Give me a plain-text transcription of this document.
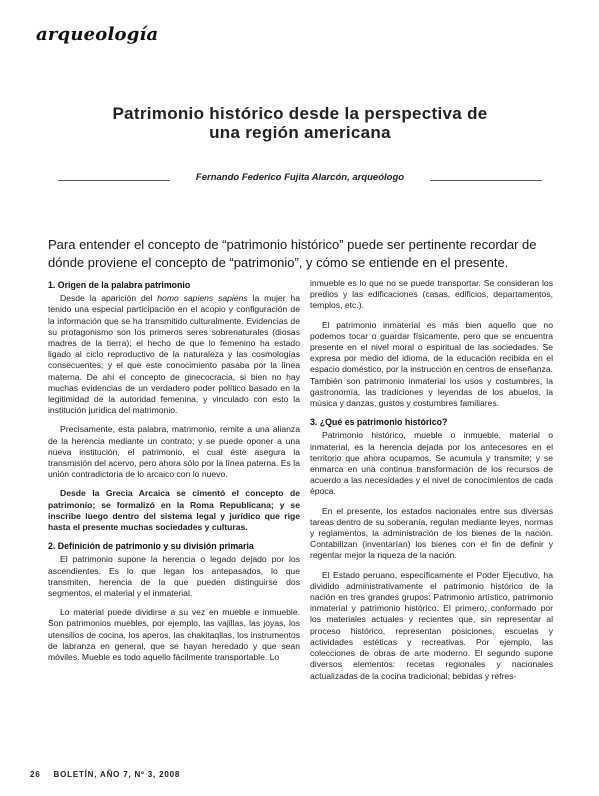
arqueología
Patrimonio histórico desde la perspectiva de
una región americana
Fernando Federico Fujita Alarcón, arqueólogo
Para entender el concepto de “patrimonio histórico” puede ser pertinente recordar de dónde proviene el concepto de “patrimonio”, y cómo se entiende en el presente.
1. Origen de la palabra patrimonio

Desde la aparición del homo sapiens sapiens la mujer ha tenido una especial participación en el acopio y configuración de la información que se ha transmitido culturalmente. Evidencias de su protagonismo son los primeros seres sobrenaturales (diosas madres de la tierra); el hecho de que lo femenino ha estado ligado al ciclo reproductivo de la naturaleza y las cosmologías consecuentes; y el que este conocimiento pasaba por la línea materna. De ahí el concepto de ginecocracia, si bien no hay muchas evidencias de un verdadero poder político basado en la legitimidad de la autoridad femenina, y vinculado con esto la institución jurídica del matrimonio.

Precisamente, esta palabra, matrimonio, remite a una alianza de la herencia mediante un contrato; y se puede oponer a una nueva institución, el patrimonio, el cual éste asegura la transmisión del acervo, pero ahora sólo por la línea paterna. Es la unión contradictoria de lo arcaico con lo nuevo.

Desde la Grecia Arcaica se cimentó el concepto de patrimonio; se formalizó en la Roma Republicana; y se inscribe luego dentro del sistema legal y jurídico que rige hasta el presente muchas sociedades y culturas.

2. Definición de patrimonio y su división primaria

El patrimonio supone la herencia o legado dejado por los ascendientes. Es lo que legan los antepasados, lo que transmiten, herencia de la que pueden distinguirse dos segmentos, el material y el inmaterial.

Lo material puede dividirse a su vez en mueble e inmueble. Son patrimonios muebles, por ejemplo, las vajillas, las joyas, los utensilios de cocina, los aperos, las chakitaqllas, los instrumentos de labranza en general, que se hayan heredado y que sean móviles. Mueble es todo aquello fácilmente transportable. Lo

inmueble es lo que no se puede transportar. Se consideran los predios y las edificaciones (casas, edificios, departamentos, templos, etc.).

El patrimonio inmaterial es más bien aquello que no podemos tocar o guardar físicamente, pero que se encuentra presente en el nivel moral o espiritual de las sociedades. Se expresa por medio del idioma, de la educación recibida en el espacio doméstico, por la instrucción en centros de enseñanza. También son patrimonio inmaterial los usos y costumbres, la gastronomía, las tradiciones y leyendas de los abuelos, la música y danzas, gustos y costumbres familiares.

3. ¿Qué es patrimonio histórico?

Patrimonio histórico, mueble o inmueble, material o inmaterial, es la herencia dejada por los antecesores en el territorio que ahora ocupamos. Se acumula y transmite; y se enmarca en una continua transformación de los recursos de acuerdo a las necesidades y el nivel de conocimientos de cada época.

En el presente, los estados nacionales entre sus diversas tareas dentro de su soberanía, regulan mediante leyes, normas y reglamentos, la administración de los bienes de la nación. Contabilizan (inventarían) los bienes con el fin de definir y regentar mejor la riqueza de la nación.

El Estado peruano, específicamente el Poder Ejecutivo, ha dividido administrativamente el patrimonio histórico de la nación en tres grandes grupos: Patrimonio artístico, patrimonio inmaterial y patrimonio histórico. El primero, conformado por los materiales actuales y recientes que, sin representar al proceso histórico, representan posiciones, escuelas y actividades estéticas y recreativas. Por ejemplo, las colecciones de obras de arte moderno. El segundo supone diversos elementos: recetas regionales y nacionales actualizadas de la cocina tradicional; bebidas y refres-

26 BOLETÍN, AÑO 7, Nº 3, 2008
